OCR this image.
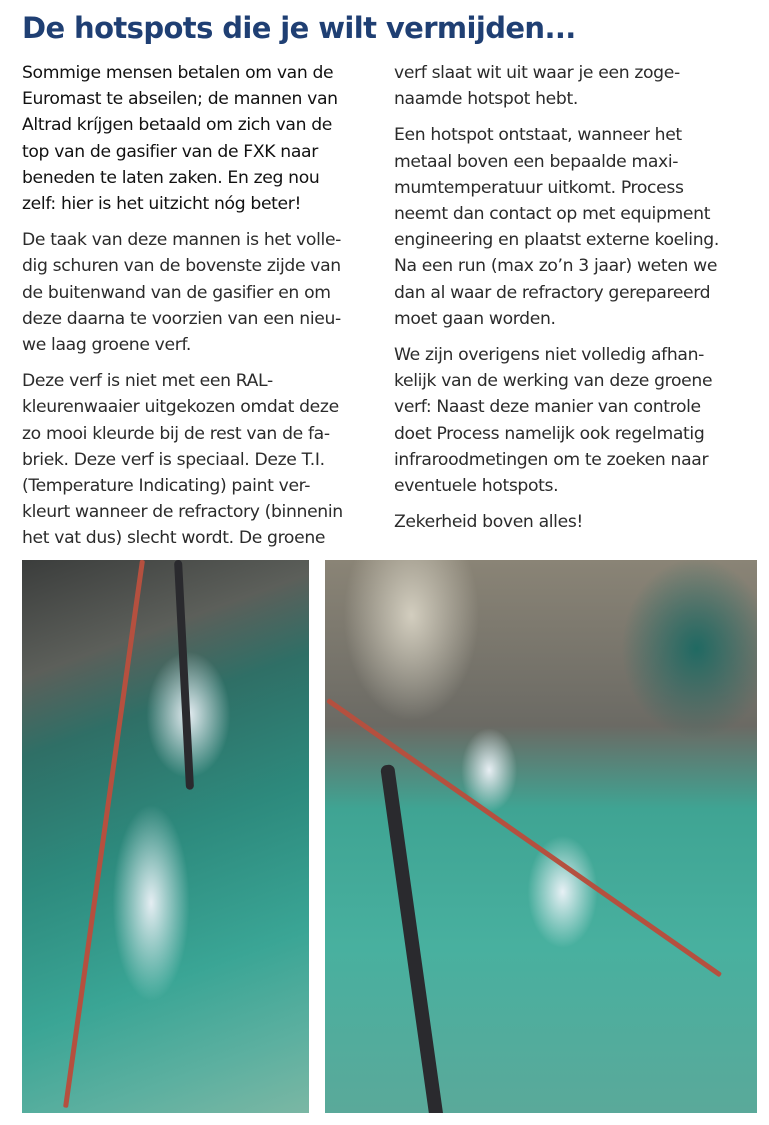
De hotspots die je wilt vermijden...

Sommige mensen betalen om van de
Euromast te abseilen; de mannen van
Altrad kríjgen betaald om zich van de
top van de gasifier van de FXK naar
beneden te laten zaken. En zeg nou
zelf: hier is het uitzicht nóg beter!

De taak van deze mannen is het volle-
dig schuren van de bovenste zijde van
de buitenwand van de gasifier en om
deze daarna te voorzien van een nieu-
we laag groene verf.

Deze verf is niet met een RAL-
kleurenwaaier uitgekozen omdat deze
zo mooi kleurde bij de rest van de fa-
briek. Deze verf is speciaal. Deze T.I.
(Temperature Indicating) paint ver-
kleurt wanneer de refractory (binnenin
het vat dus) slecht wordt. De groene

verf slaat wit uit waar je een zoge-
naamde hotspot hebt.

Een hotspot ontstaat, wanneer het
metaal boven een bepaalde maxi-
mumtemperatuur uitkomt. Process
neemt dan contact op met equipment
engineering en plaatst externe koeling.
Na een run (max zo’n 3 jaar) weten we
dan al waar de refractory gerepareerd
moet gaan worden.

We zijn overigens niet volledig afhan-
kelijk van de werking van deze groene
verf: Naast deze manier van controle
doet Process namelijk ook regelmatig
infraroodmetingen om te zoeken naar
eventuele hotspots.

Zekerheid boven alles!
